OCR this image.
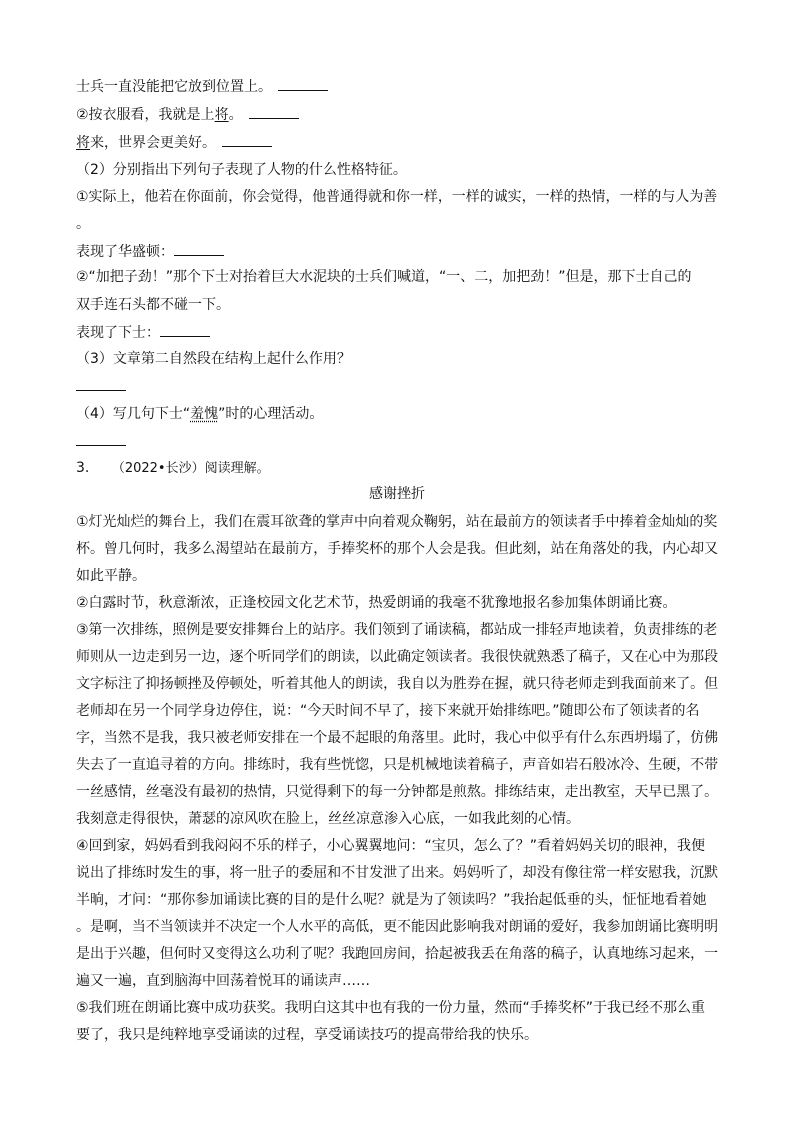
士兵一直没能把它放到位置上。
②按衣服看，我就是上将。
将来，世界会更美好。
（2）分别指出下列句子表现了人物的什么性格特征。
①实际上，他若在你面前，你会觉得，他普通得就和你一样，一样的诚实，一样的热情，一样的与人为善
。
表现了华盛顿：
②“加把子劲！”那个下士对抬着巨大水泥块的士兵们喊道，“一、二，加把劲！”但是，那下士自己的
双手连石头都不碰一下。
表现了下士：
（3）文章第二自然段在结构上起什么作用？
（4）写几句下士“羞愧”时的心理活动。
3. （2022•长沙）阅读理解。
感谢挫折
①灯光灿烂的舞台上，我们在震耳欲聋的掌声中向着观众鞠躬，站在最前方的领读者手中捧着金灿灿的奖
杯。曾几何时，我多么渴望站在最前方，手捧奖杯的那个人会是我。但此刻，站在角落处的我，内心却又
如此平静。
②白露时节，秋意渐浓，正逢校园文化艺术节，热爱朗诵的我毫不犹豫地报名参加集体朗诵比赛。
③第一次排练，照例是要安排舞台上的站序。我们领到了诵读稿，都站成一排轻声地读着，负责排练的老
师则从一边走到另一边，逐个听同学们的朗读，以此确定领读者。我很快就熟悉了稿子，又在心中为那段
文字标注了抑扬顿挫及停顿处，听着其他人的朗读，我自以为胜券在握，就只待老师走到我面前来了。但
老师却在另一个同学身边停住，说：“今天时间不早了，接下来就开始排练吧。”随即公布了领读者的名
字，当然不是我，我只被老师安排在一个最不起眼的角落里。此时，我心中似乎有什么东西坍塌了，仿佛
失去了一直追寻着的方向。排练时，我有些恍惚，只是机械地读着稿子，声音如岩石般冰冷、生硬，不带
一丝感情，丝毫没有最初的热情，只觉得剩下的每一分钟都是煎熬。排练结束，走出教室，天早已黑了。
我刻意走得很快，萧瑟的凉风吹在脸上，丝丝凉意渗入心底，一如我此刻的心情。
④回到家，妈妈看到我闷闷不乐的样子，小心翼翼地问：“宝贝，怎么了？”看着妈妈关切的眼神，我便
说出了排练时发生的事，将一肚子的委屈和不甘发泄了出来。妈妈听了，却没有像往常一样安慰我，沉默
半晌，才问：“那你参加诵读比赛的目的是什么呢？就是为了领读吗？”我抬起低垂的头，怔怔地看着她
。是啊，当不当领读并不决定一个人水平的高低，更不能因此影响我对朗诵的爱好，我参加朗诵比赛明明
是出于兴趣，但何时又变得这么功利了呢？我跑回房间，拾起被我丢在角落的稿子，认真地练习起来，一
遍又一遍，直到脑海中回荡着悦耳的诵读声……
⑤我们班在朗诵比赛中成功获奖。我明白这其中也有我的一份力量，然而“手捧奖杯”于我已经不那么重
要了，我只是纯粹地享受诵读的过程，享受诵读技巧的提高带给我的快乐。
